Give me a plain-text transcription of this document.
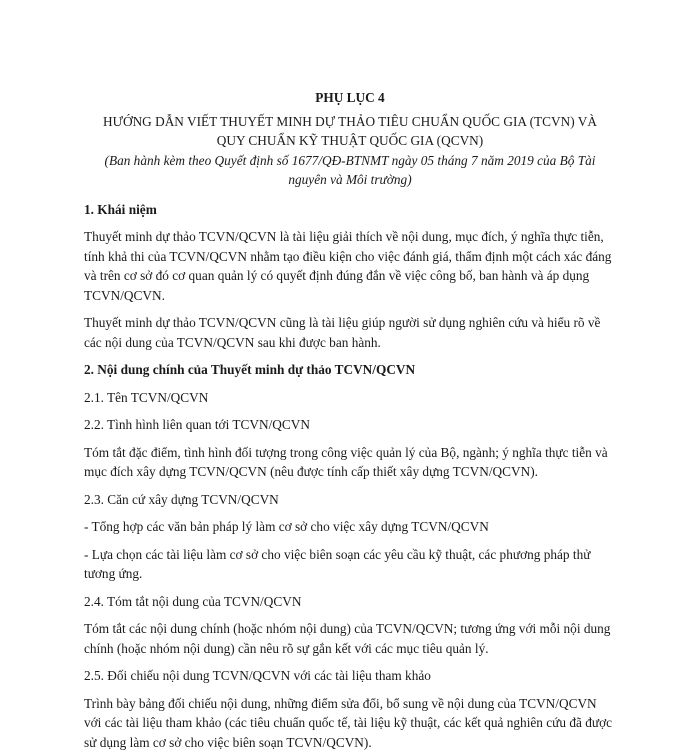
PHỤ LỤC 4
HƯỚNG DẪN VIẾT THUYẾT MINH DỰ THẢO TIÊU CHUẨN QUỐC GIA (TCVN) VÀ
QUY CHUẨN KỸ THUẬT QUỐC GIA (QCVN)
(Ban hành kèm theo Quyết định số 1677/QĐ-BTNMT ngày 05 tháng 7 năm 2019 của Bộ Tài
nguyên và Môi trường)
1. Khái niệm

Thuyết minh dự thảo TCVN/QCVN là tài liệu giải thích về nội dung, mục đích, ý nghĩa thực tiễn, tính khả thi của TCVN/QCVN nhằm tạo điều kiện cho việc đánh giá, thẩm định một cách xác đáng và trên cơ sở đó cơ quan quản lý có quyết định đúng đắn về việc công bố, ban hành và áp dụng TCVN/QCVN.

Thuyết minh dự thảo TCVN/QCVN cũng là tài liệu giúp người sử dụng nghiên cứu và hiểu rõ về các nội dung của TCVN/QCVN sau khi được ban hành.

2. Nội dung chính của Thuyết minh dự thảo TCVN/QCVN
2.1. Tên TCVN/QCVN
2.2. Tình hình liên quan tới TCVN/QCVN

Tóm tắt đặc điểm, tình hình đối tượng trong công việc quản lý của Bộ, ngành; ý nghĩa thực tiễn và mục đích xây dựng TCVN/QCVN (nêu được tính cấp thiết xây dựng TCVN/QCVN).

2.3. Căn cứ xây dựng TCVN/QCVN

- Tổng hợp các văn bản pháp lý làm cơ sở cho việc xây dựng TCVN/QCVN

- Lựa chọn các tài liệu làm cơ sở cho việc biên soạn các yêu cầu kỹ thuật, các phương pháp thử tương ứng.

2.4. Tóm tắt nội dung của TCVN/QCVN

Tóm tắt các nội dung chính (hoặc nhóm nội dung) của TCVN/QCVN; tương ứng với mỗi nội dung chính (hoặc nhóm nội dung) cần nêu rõ sự gắn kết với các mục tiêu quản lý.

2.5. Đối chiếu nội dung TCVN/QCVN với các tài liệu tham khảo

Trình bày bảng đối chiếu nội dung, những điểm sửa đổi, bổ sung về nội dung của TCVN/QCVN với các tài liệu tham khảo (các tiêu chuẩn quốc tế, tài liệu kỹ thuật, các kết quả nghiên cứu đã được sử dụng làm cơ sở cho việc biên soạn TCVN/QCVN).
